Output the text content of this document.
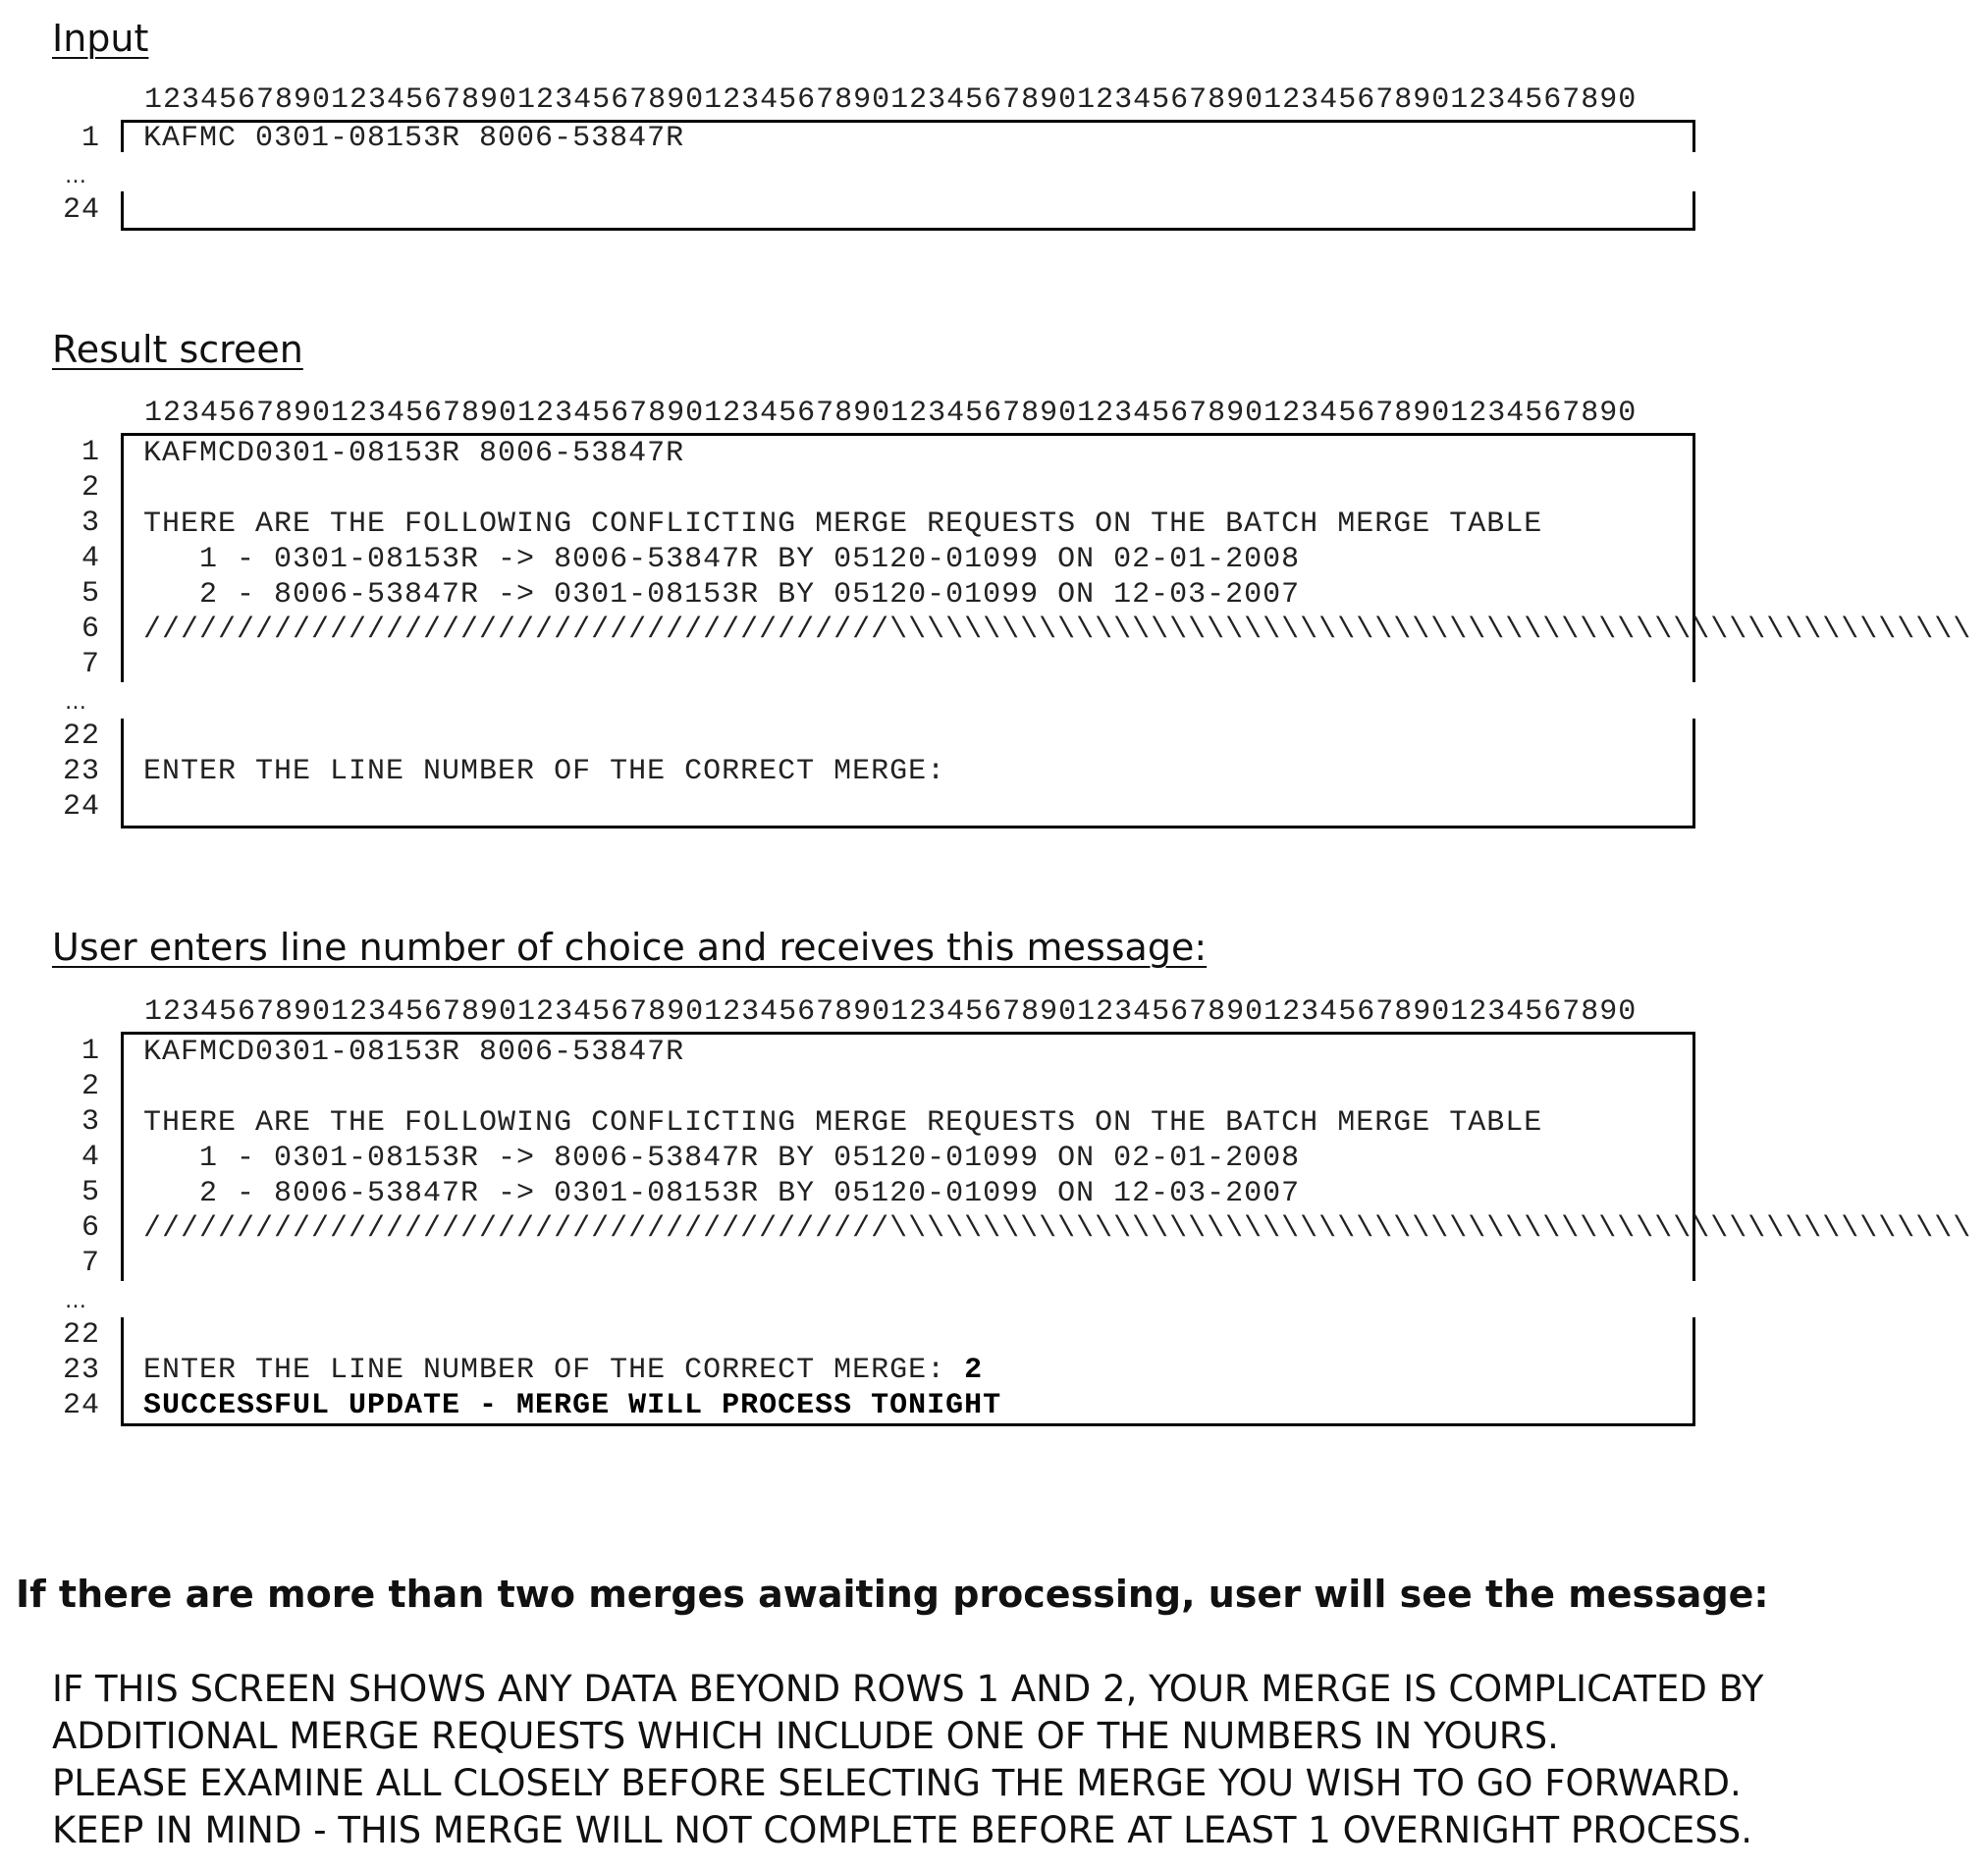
Input
12345678901234567890123456789012345678901234567890123456789012345678901234567890
1
…
24
KAFMC 0301-08153R 8006-53847R
Result screen
12345678901234567890123456789012345678901234567890123456789012345678901234567890
1
2
3
4
5
6
7
…
22
23
24
KAFMCD0301-08153R 8006-53847R
THERE ARE THE FOLLOWING CONFLICTING MERGE REQUESTS ON THE BATCH MERGE TABLE
1 - 0301-08153R -> 8006-53847R BY 05120-01099 ON 02-01-2008
2 - 8006-53847R -> 0301-08153R BY 05120-01099 ON 12-03-2007
////////////////////////////////////////\\\\\\\\\\\\\\\\\\\\\\\\\\\\\\\\\\\\\\\\\\\\\\\\\\\\\\\\\\
ENTER THE LINE NUMBER OF THE CORRECT MERGE:
User enters line number of choice and receives this message:
12345678901234567890123456789012345678901234567890123456789012345678901234567890
1
2
3
4
5
6
7
…
22
23
24
KAFMCD0301-08153R 8006-53847R
THERE ARE THE FOLLOWING CONFLICTING MERGE REQUESTS ON THE BATCH MERGE TABLE
1 - 0301-08153R -> 8006-53847R BY 05120-01099 ON 02-01-2008
2 - 8006-53847R -> 0301-08153R BY 05120-01099 ON 12-03-2007
////////////////////////////////////////\\\\\\\\\\\\\\\\\\\\\\\\\\\\\\\\\\\\\\\\\\\\\\\\\\\\\\\\\\
ENTER THE LINE NUMBER OF THE CORRECT MERGE: 2
SUCCESSFUL UPDATE - MERGE WILL PROCESS TONIGHT
If there are more than two merges awaiting processing, user will see the message:
IF THIS SCREEN SHOWS ANY DATA BEYOND ROWS 1 AND 2, YOUR MERGE IS COMPLICATED BY
ADDITIONAL MERGE REQUESTS WHICH INCLUDE ONE OF THE NUMBERS IN YOURS.
PLEASE EXAMINE ALL CLOSELY BEFORE SELECTING THE MERGE YOU WISH TO GO FORWARD.
KEEP IN MIND - THIS MERGE WILL NOT COMPLETE BEFORE AT LEAST 1 OVERNIGHT PROCESS.
